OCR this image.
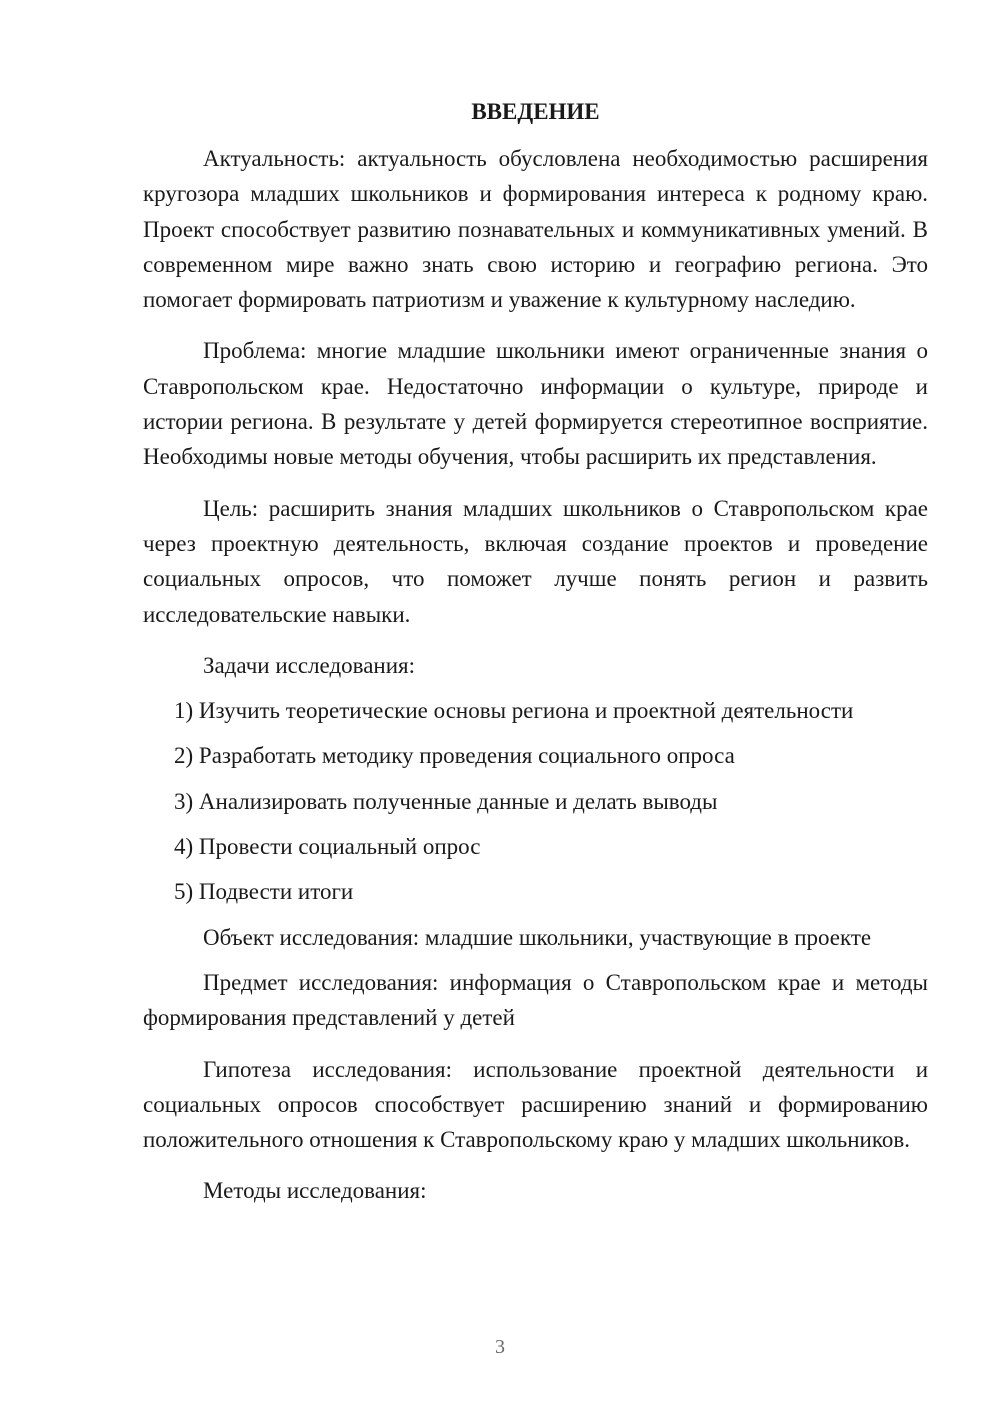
ВВЕДЕНИЕ

Актуальность: актуальность обусловлена необходимостью расширения кругозора младших школьников и формирования интереса к родному краю. Проект способствует развитию познавательных и коммуникативных умений. В современном мире важно знать свою историю и географию региона. Это помогает формировать патриотизм и уважение к культурному наследию.

Проблема: многие младшие школьники имеют ограниченные знания о Ставропольском крае. Недостаточно информации о культуре, природе и истории региона. В результате у детей формируется стереотипное восприятие. Необходимы новые методы обучения, чтобы расширить их представления.

Цель: расширить знания младших школьников о Ставропольском крае через проектную деятельность, включая создание проектов и проведение социальных опросов, что поможет лучше понять регион и развить исследовательские навыки.

Задачи исследования:

1) Изучить теоретические основы региона и проектной деятельности

2) Разработать методику проведения социального опроса

3) Анализировать полученные данные и делать выводы

4) Провести социальный опрос

5) Подвести итоги

Объект исследования: младшие школьники, участвующие в проекте

Предмет исследования: информация о Ставропольском крае и методы формирования представлений у детей

Гипотеза исследования: использование проектной деятельности и социальных опросов способствует расширению знаний и формированию положительного отношения к Ставропольскому краю у младших школьников.

Методы исследования:

3
